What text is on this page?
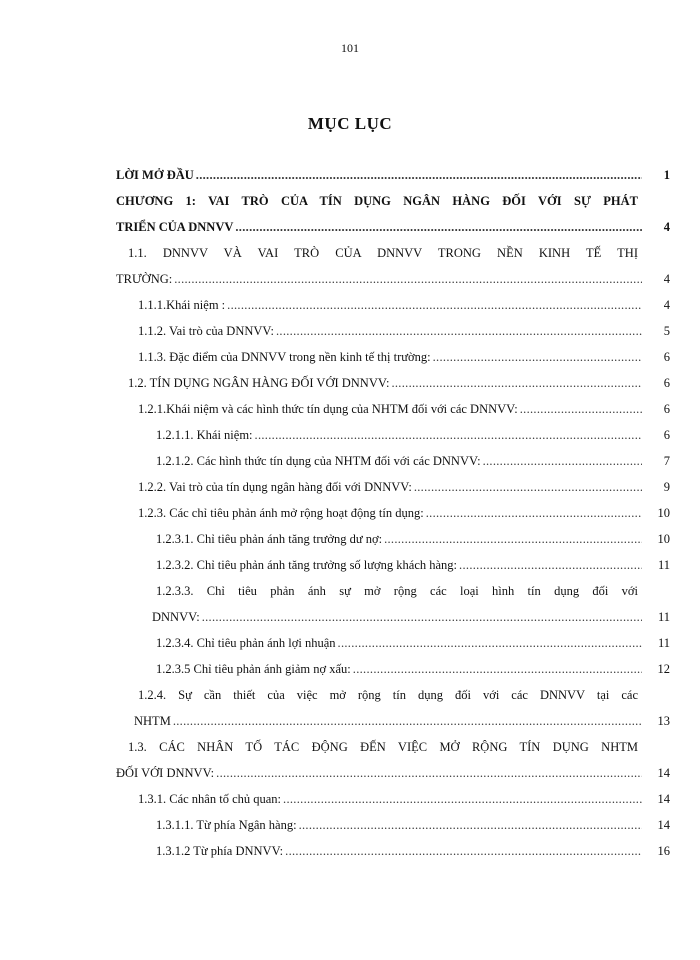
101
MỤC LỤC
LỜI MỞ ĐẦU .....	1
CHƯƠNG 1: VAI TRÒ CỦA TÍN DỤNG NGÂN HÀNG ĐỐI VỚI SỰ PHÁT
TRIỂN CỦA DNNVV .....	4
1.1. DNNVV VÀ VAI TRÒ CỦA DNNVV TRONG NỀN KINH TẾ THỊ
TRƯỜNG: .....	4
1.1.1.Khái niệm : .....	4
1.1.2. Vai trò của DNNVV: .....	5
1.1.3. Đặc điểm của DNNVV trong nền kinh tế thị trường: .....	6
1.2. TÍN DỤNG NGÂN HÀNG ĐỐI VỚI DNNVV: .....	6
1.2.1.Khái niệm và các hình thức tín dụng của NHTM đối với các DNNVV: .....	6
1.2.1.1. Khái niệm: .....	6
1.2.1.2. Các hình thức tín dụng của NHTM đối với các DNNVV: .....	7
1.2.2. Vai trò của tín dụng ngân hàng đối với DNNVV: .....	9
1.2.3. Các chỉ tiêu phản ánh mở rộng hoạt động tín dụng: .....	10
1.2.3.1. Chỉ tiêu phản ánh tăng trưởng dư nợ: .....	10
1.2.3.2. Chỉ tiêu phản ánh tăng trưởng số lượng khách hàng: .....	11
1.2.3.3. Chỉ tiêu phản ánh sự mở rộng các loại hình tín dụng đối với
DNNVV: .....	11
1.2.3.4. Chỉ tiêu phản ánh lợi nhuận .....	11
1.2.3.5 Chỉ tiêu phản ánh giảm nợ xấu: .....	12
1.2.4. Sự cần thiết của việc mở rộng tín dụng đối với các DNNVV tại các
NHTM .....	13
1.3. CÁC NHÂN TỐ TÁC ĐỘNG ĐẾN VIỆC MỞ RỘNG TÍN DỤNG NHTM
ĐỐI VỚI DNNVV: .....	14
1.3.1. Các nhân tố chủ quan: .....	14
1.3.1.1. Từ phía Ngân hàng: .....	14
1.3.1.2 Từ phía DNNVV: .....	16
